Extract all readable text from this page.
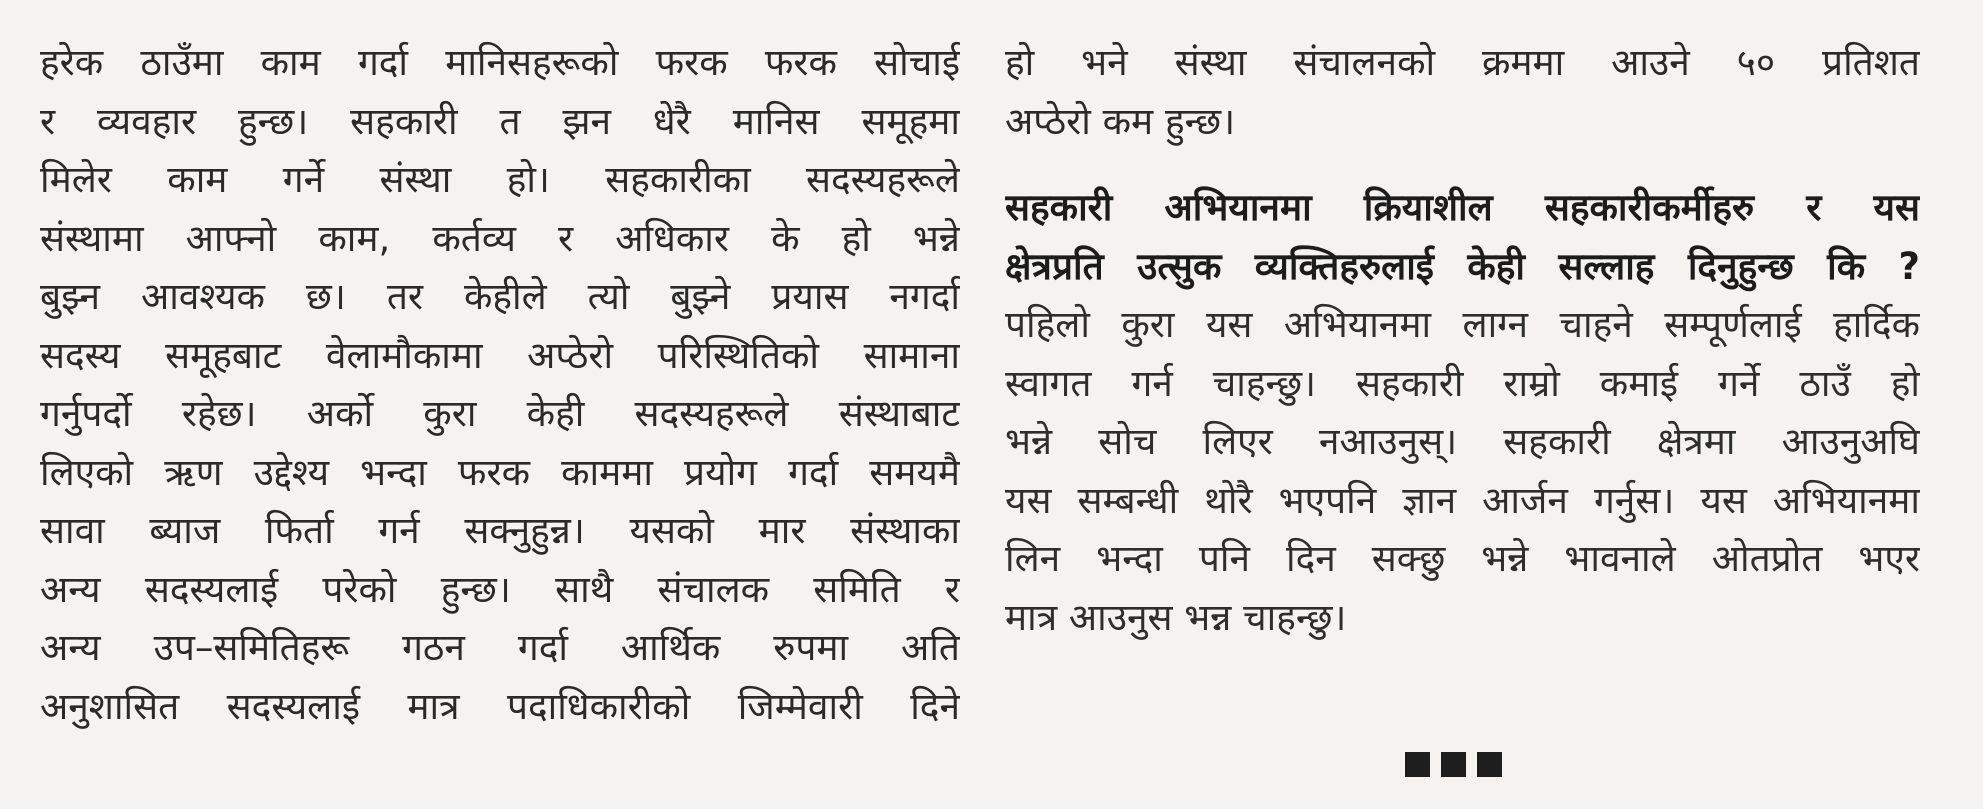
हरेक ठाउँमा काम गर्दा मानिसहरूको फरक फरक सोचाई
र व्यवहार हुन्छ। सहकारी त झन धेरै मानिस समूहमा
मिलेर काम गर्ने संस्था हो। सहकारीका सदस्यहरूले
संस्थामा आफ्नो काम, कर्तव्य र अधिकार के हो भन्ने
बुझ्न आवश्यक छ। तर केहीले त्यो बुझ्ने प्रयास नगर्दा
सदस्य समूहबाट वेलामौकामा अप्ठेरो परिस्थितिको सामाना
गर्नुपर्दो रहेछ। अर्को कुरा केही सदस्यहरूले संस्थाबाट
लिएको ऋण उद्देश्य भन्दा फरक काममा प्रयोग गर्दा समयमै
सावा ब्याज फिर्ता गर्न सक्नुहुन्न। यसको मार संस्थाका
अन्य सदस्यलाई परेको हुन्छ। साथै संचालक समिति र
अन्य उप–समितिहरू गठन गर्दा आर्थिक रुपमा अति
अनुशासित सदस्यलाई मात्र पदाधिकारीको जिम्मेवारी दिने
हो भने संस्था संचालनको क्रममा आउने ५० प्रतिशत
अप्ठेरो कम हुन्छ।
सहकारी अभियानमा क्रियाशील सहकारीकर्मीहरु र यस
क्षेत्रप्रति उत्सुक व्यक्तिहरुलाई केही सल्लाह दिनुहुन्छ कि ?
पहिलो कुरा यस अभियानमा लाग्न चाहने सम्पूर्णलाई हार्दिक
स्वागत गर्न चाहन्छु। सहकारी राम्रो कमाई गर्ने ठाउँ हो
भन्ने सोच लिएर नआउनुस्। सहकारी क्षेत्रमा आउनुअघि
यस सम्बन्धी थोरै भएपनि ज्ञान आर्जन गर्नुस। यस अभियानमा
लिन भन्दा पनि दिन सक्छु भन्ने भावनाले ओतप्रोत भएर
मात्र आउनुस भन्न चाहन्छु।
